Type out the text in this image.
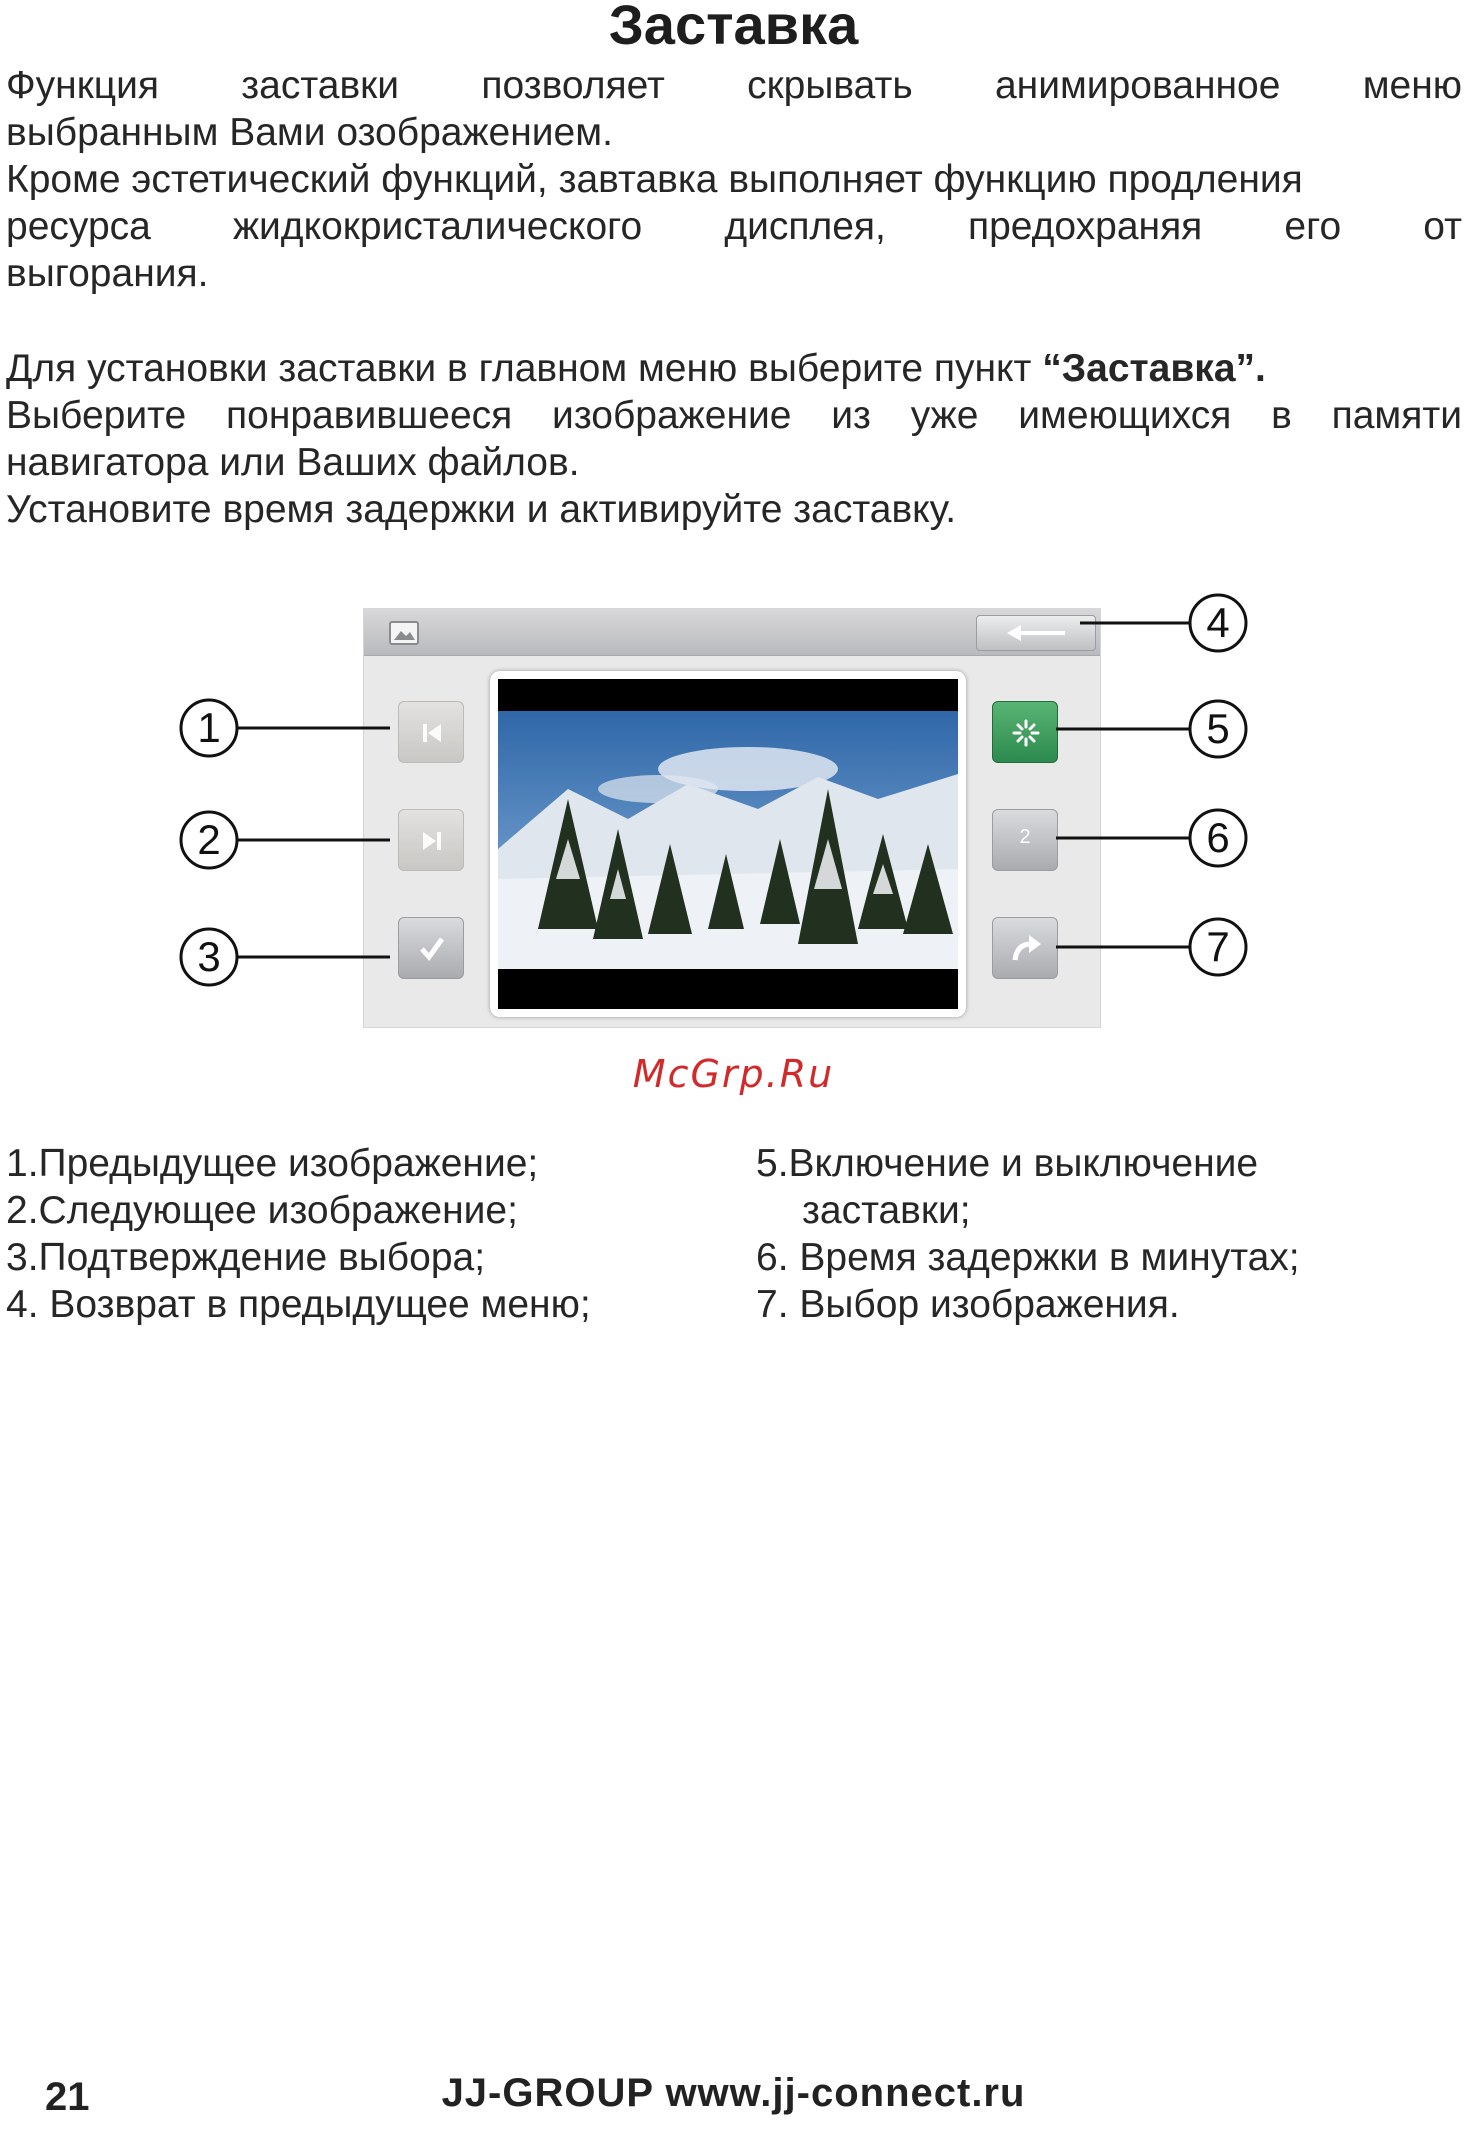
Заставка
Функция заставки позволяет скрывать анимированное меню
выбранным Вами озображением.
Кроме эстетический функций, завтавка выполняет функцию продления
ресурса жидкокристалического дисплея, предохраняя его от
выгорания.
Для установки заставки в главном меню выберите пункт “Заставка”.
Выберите понравившееся изображение из уже имеющихся в памяти
навигатора или Ваших файлов.
Установите время задержки и активируйте заставку.
2
1
2
3
4
5
6
7
McGrp.Ru
1.Предыдущее изображение;
2.Следующее изображение;
3.Подтверждение выбора;
4. Возврат в предыдущее меню;
5.Включение и выключение
заставки;
6. Время задержки в минутах;
7. Выбор изображения.
21	JJ-GROUP www.jj-connect.ru
